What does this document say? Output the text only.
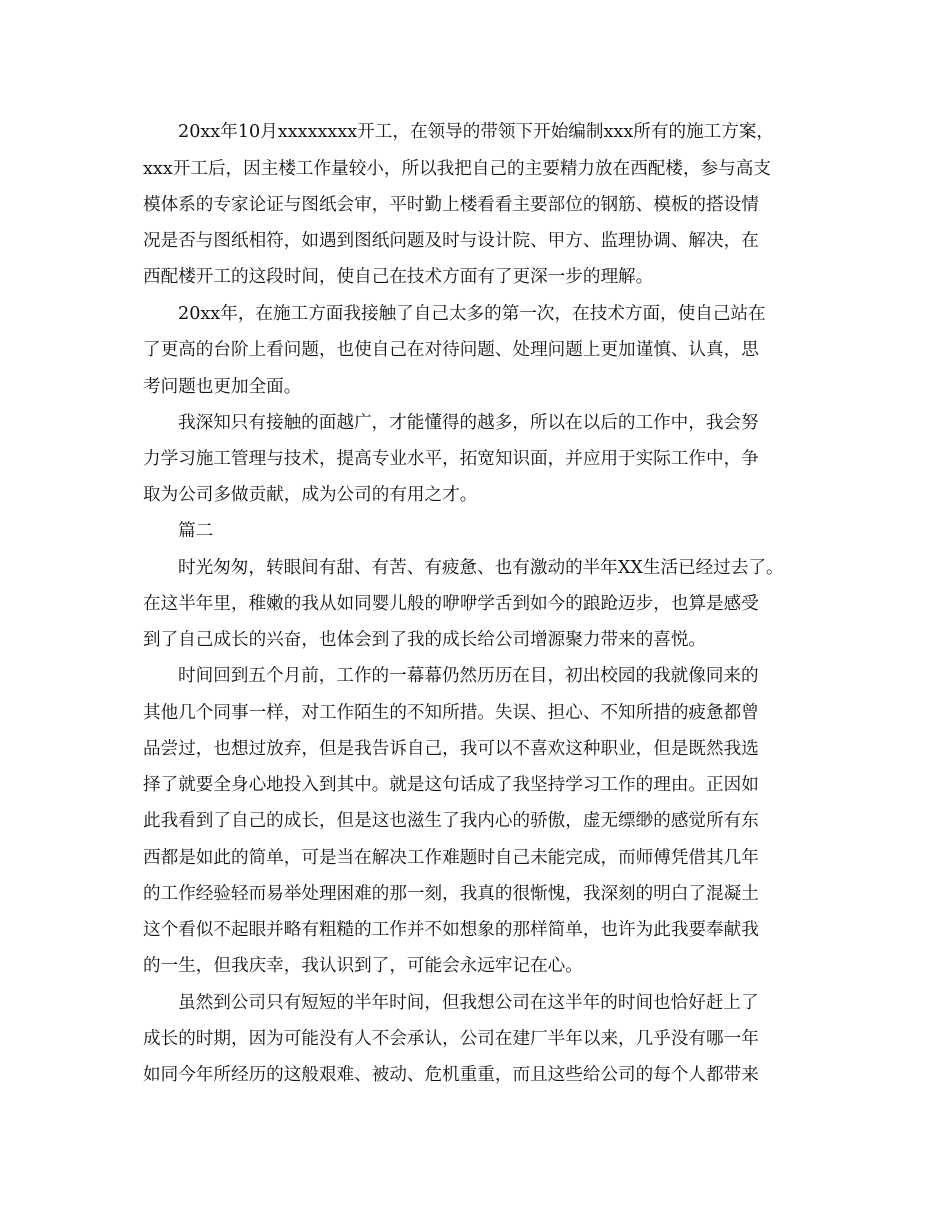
20xx年10月xxxxxxxx开工，在领导的带领下开始编制xxx所有的施工方案，
xxx开工后，因主楼工作量较小，所以我把自己的主要精力放在西配楼，参与高支
模体系的专家论证与图纸会审，平时勤上楼看看主要部位的钢筋、模板的搭设情
况是否与图纸相符，如遇到图纸问题及时与设计院、甲方、监理协调、解决，在
西配楼开工的这段时间，使自己在技术方面有了更深一步的理解。
20xx年，在施工方面我接触了自己太多的第一次，在技术方面，使自己站在
了更高的台阶上看问题，也使自己在对待问题、处理问题上更加谨慎、认真，思
考问题也更加全面。
我深知只有接触的面越广，才能懂得的越多，所以在以后的工作中，我会努
力学习施工管理与技术，提高专业水平，拓宽知识面，并应用于实际工作中，争
取为公司多做贡献，成为公司的有用之才。
篇二
时光匆匆，转眼间有甜、有苦、有疲惫、也有激动的半年XX生活已经过去了。
在这半年里，稚嫩的我从如同婴儿般的咿咿学舌到如今的踉跄迈步，也算是感受
到了自己成长的兴奋，也体会到了我的成长给公司增源聚力带来的喜悦。
时间回到五个月前，工作的一幕幕仍然历历在目，初出校园的我就像同来的
其他几个同事一样，对工作陌生的不知所措。失误、担心、不知所措的疲惫都曾
品尝过，也想过放弃，但是我告诉自己，我可以不喜欢这种职业，但是既然我选
择了就要全身心地投入到其中。就是这句话成了我坚持学习工作的理由。正因如
此我看到了自己的成长，但是这也滋生了我内心的骄傲，虚无缥缈的感觉所有东
西都是如此的简单，可是当在解决工作难题时自己未能完成，而师傅凭借其几年
的工作经验轻而易举处理困难的那一刻，我真的很惭愧，我深刻的明白了混凝土
这个看似不起眼并略有粗糙的工作并不如想象的那样简单，也许为此我要奉献我
的一生，但我庆幸，我认识到了，可能会永远牢记在心。
虽然到公司只有短短的半年时间，但我想公司在这半年的时间也恰好赶上了
成长的时期，因为可能没有人不会承认，公司在建厂半年以来，几乎没有哪一年
如同今年所经历的这般艰难、被动、危机重重，而且这些给公司的每个人都带来
